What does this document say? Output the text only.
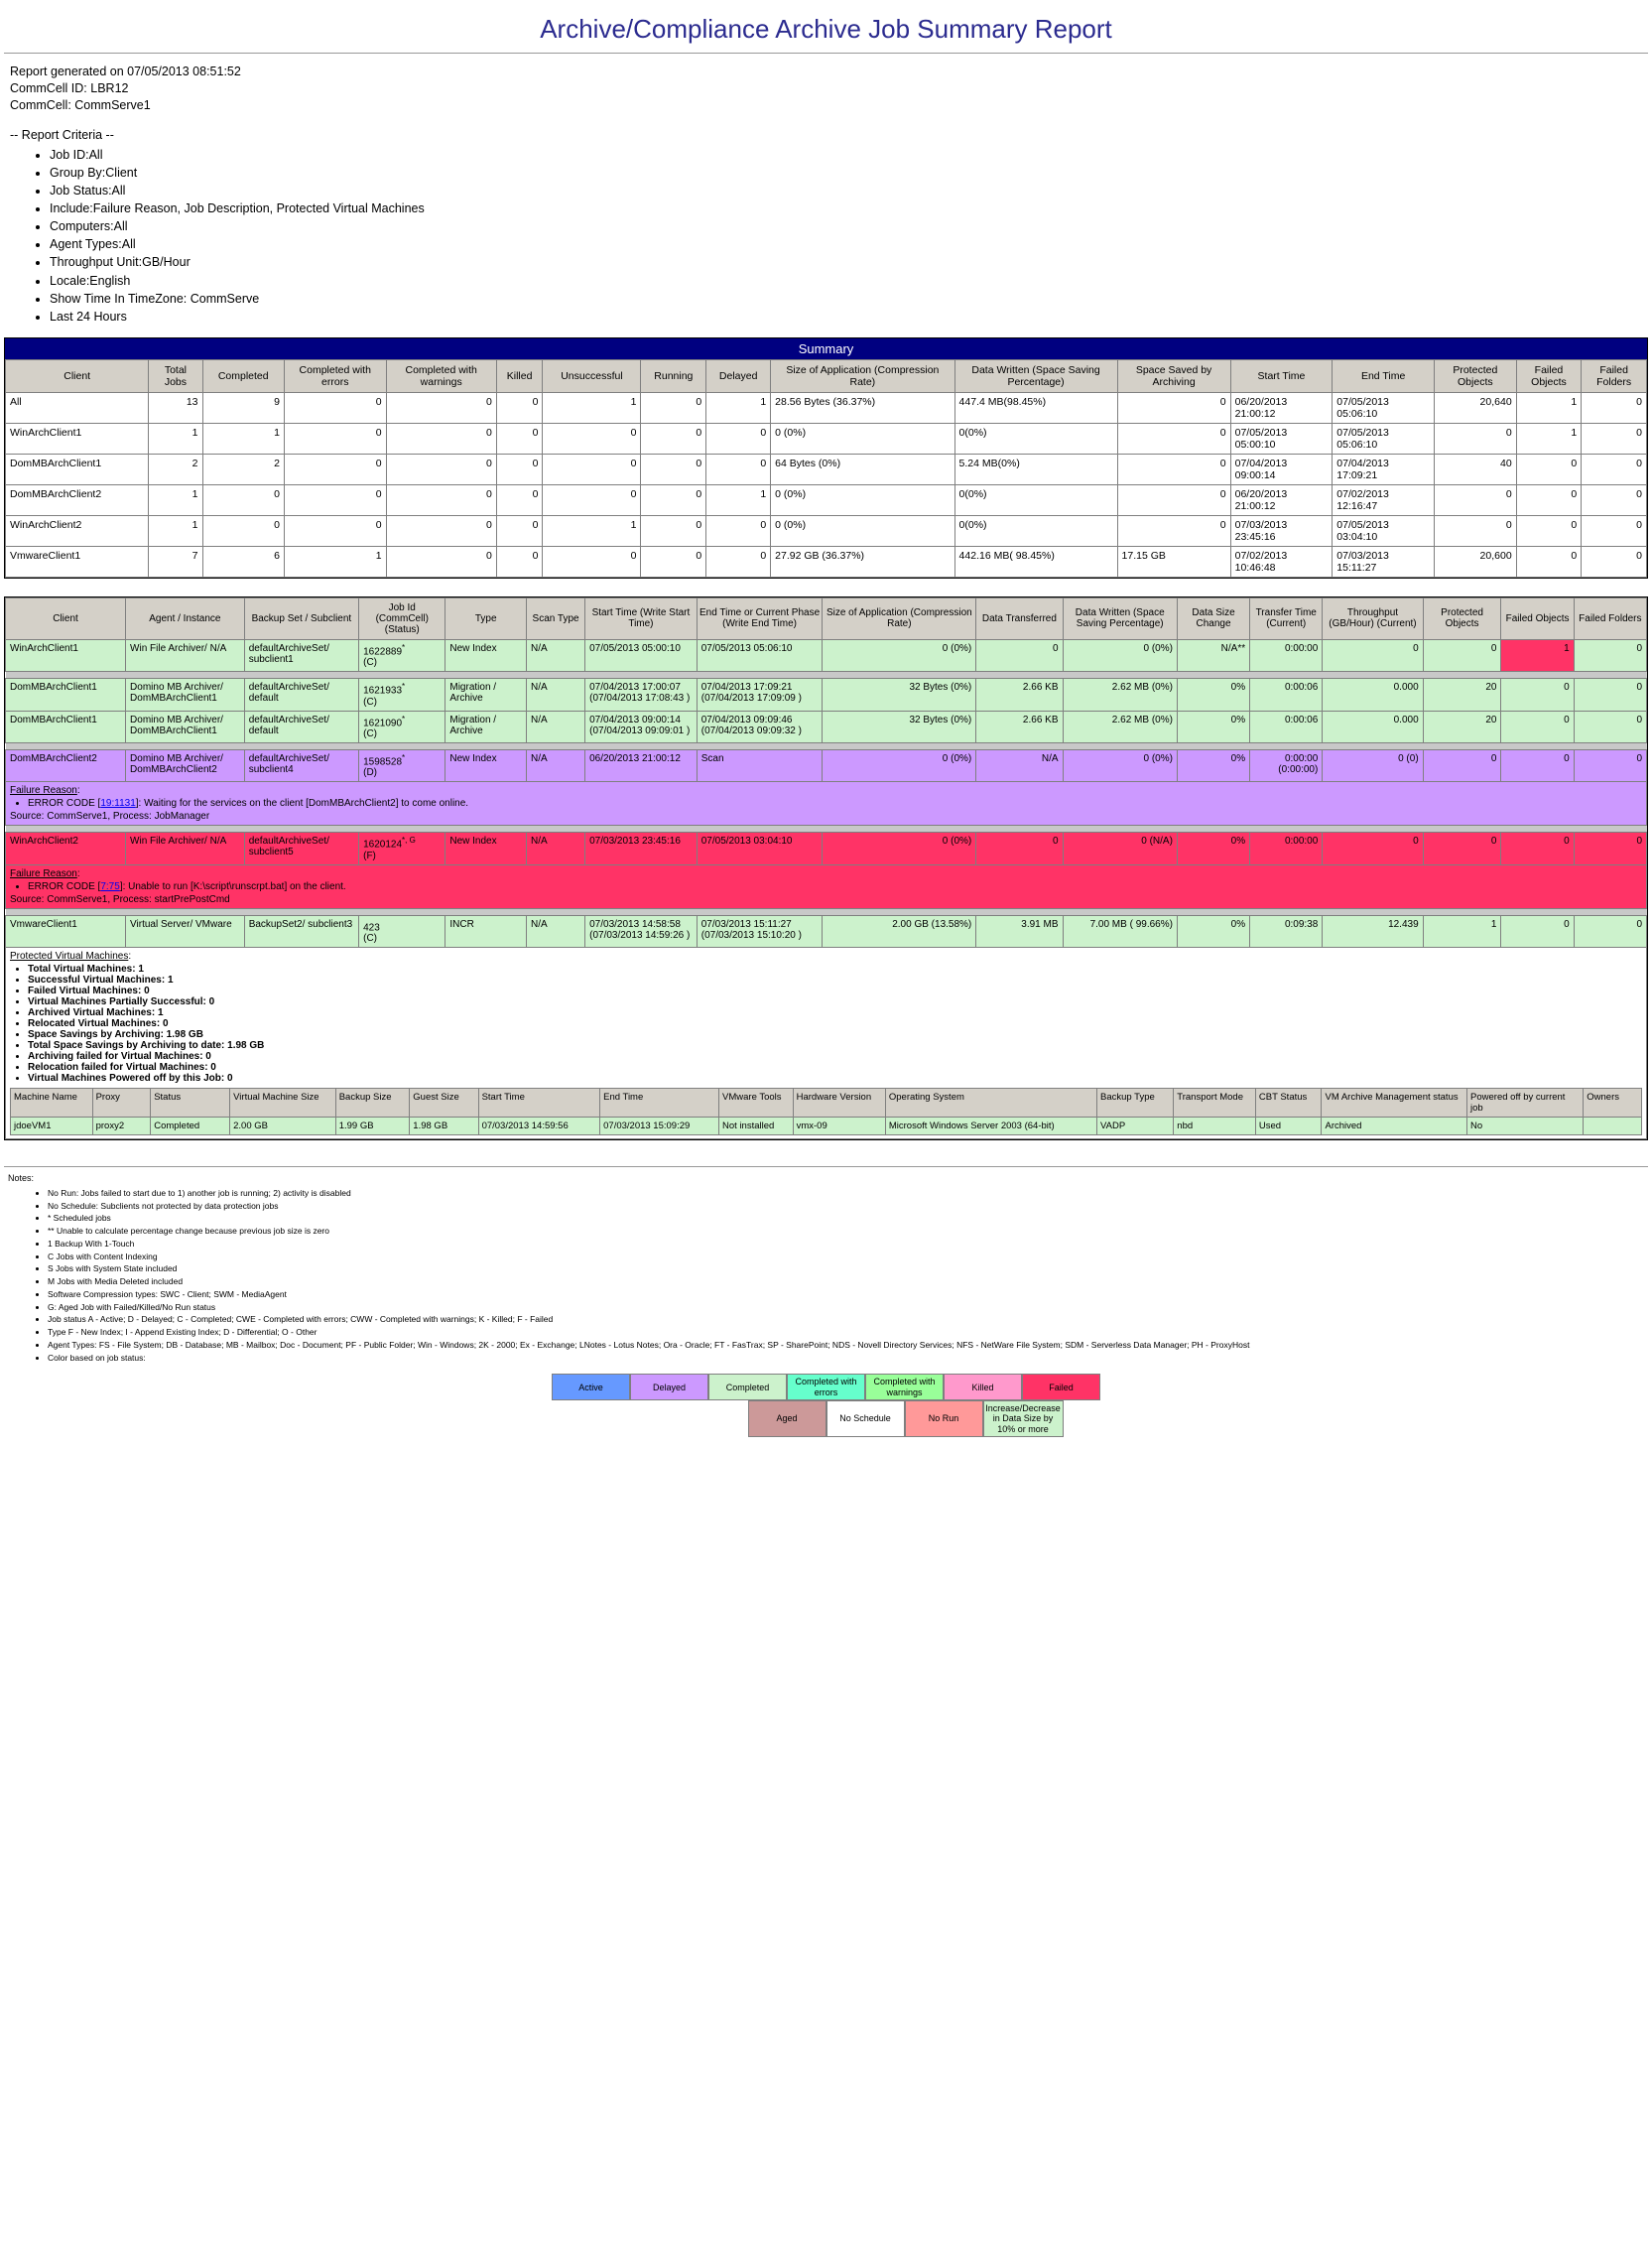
Archive/Compliance Archive Job Summary Report
Report generated on 07/05/2013 08:51:52
CommCell ID: LBR12
CommCell: CommServe1
-- Report Criteria --
• Job ID:All
• Group By:Client
• Job Status:All
• Include:Failure Reason, Job Description, Protected Virtual Machines
• Computers:All
• Agent Types:All
• Throughput Unit:GB/Hour
• Locale:English
• Show Time In TimeZone: CommServe
• Last 24 Hours
Summary
Client	Total Jobs	Completed	Completed with errors	Completed with warnings	Killed	Unsuccessful	Running	Delayed	Size of Application (Compression Rate)	Data Written (Space Saving Percentage)	Space Saved by Archiving	Start Time	End Time	Protected Objects	Failed Objects	Failed Folders
All	13	9	0	0	0	1	0	1	28.56 Bytes (36.37%)	447.4 MB(98.45%)	0	06/20/2013 21:00:12	07/05/2013 05:06:10	20,640	1	0
WinArchClient1	1	1	0	0	0	0	0	0	0 (0%)	0(0%)	0	07/05/2013 05:00:10	07/05/2013 05:06:10	0	1	0
DomMBArchClient1	2	2	0	0	0	0	0	0	64 Bytes (0%)	5.24 MB(0%)	0	07/04/2013 09:00:14	07/04/2013 17:09:21	40	0	0
DomMBArchClient2	1	0	0	0	0	0	0	1	0 (0%)	0(0%)	0	06/20/2013 21:00:12	07/02/2013 12:16:47	0	0	0
WinArchClient2	1	0	0	0	0	1	0	0	0 (0%)	0(0%)	0	07/03/2013 23:45:16	07/05/2013 03:04:10	0	0	0
VmwareClient1	7	6	1	0	0	0	0	0	27.92 GB (36.37%)	442.16 MB( 98.45%)	17.15 GB	07/02/2013 10:46:48	07/03/2013 15:11:27	20,600	0	0
Client	Agent / Instance	Backup Set / Subclient	Job Id (CommCell) (Status)	Type	Scan Type	Start Time (Write Start Time)	End Time or Current Phase (Write End Time)	Size of Application (Compression Rate)	Data Transferred	Data Written (Space Saving Percentage)	Data Size Change	Transfer Time (Current)	Throughput (GB/Hour) (Current)	Protected Objects	Failed Objects	Failed Folders
WinArchClient1	Win File Archiver/ N/A	defaultArchiveSet/ subclient1	1622889*
(C)	New Index	N/A	07/05/2013 05:00:10	07/05/2013 05:06:10	0 (0%)	0	0 (0%)	N/A**	0:00:00	0	0	1	0

DomMBArchClient1	Domino MB Archiver/ DomMBArchClient1	defaultArchiveSet/ default	1621933*
(C)	Migration / Archive	N/A	07/04/2013 17:00:07 (07/04/2013 17:08:43 )	07/04/2013 17:09:21 (07/04/2013 17:09:09 )	32 Bytes (0%)	2.66 KB	2.62 MB (0%)	0%	0:00:06	0.000	20	0	0
DomMBArchClient1	Domino MB Archiver/ DomMBArchClient1	defaultArchiveSet/ default	1621090*
(C)	Migration / Archive	N/A	07/04/2013 09:00:14 (07/04/2013 09:09:01 )	07/04/2013 09:09:46 (07/04/2013 09:09:32 )	32 Bytes (0%)	2.66 KB	2.62 MB (0%)	0%	0:00:06	0.000	20	0	0

DomMBArchClient2	Domino MB Archiver/ DomMBArchClient2	defaultArchiveSet/ subclient4	1598528*
(D)	New Index	N/A	06/20/2013 21:00:12	Scan	0 (0%)	N/A	0 (0%)	0%	0:00:00 (0:00:00)	0 (0)	0	0	0
Failure Reason:
• ERROR CODE [19:1131]: Waiting for the services on the client [DomMBArchClient2] to come online.
Source: CommServe1, Process: JobManager

WinArchClient2	Win File Archiver/ N/A	defaultArchiveSet/ subclient5	$1620124^{*, G}$
(F)	New Index	N/A	07/03/2013 23:45:16	07/05/2013 03:04:10	0 (0%)	0	0 (N/A)	0%	0:00:00	0	0	0	0
Failure Reason:
• ERROR CODE [7:75]: Unable to run [K:\script\runscrpt.bat] on the client.
Source: CommServe1, Process: startPrePostCmd

VmwareClient1	Virtual Server/ VMware	BackupSet2/ subclient3	423
(C)	INCR	N/A	07/03/2013 14:58:58 (07/03/2013 14:59:26 )	07/03/2013 15:11:27 (07/03/2013 15:10:20 )	2.00 GB (13.58%)	3.91 MB	7.00 MB ( 99.66%)	0%	0:09:38	12.439	1	0	0
Protected Virtual Machines:
• Total Virtual Machines: 1
• Successful Virtual Machines: 1
• Failed Virtual Machines: 0
• Virtual Machines Partially Successful: 0
• Archived Virtual Machines: 1
• Relocated Virtual Machines: 0
• Space Savings by Archiving: 1.98 GB
• Total Space Savings by Archiving to date: 1.98 GB
• Archiving failed for Virtual Machines: 0
• Relocation failed for Virtual Machines: 0
• Virtual Machines Powered off by this Job: 0
Machine Name	Proxy	Status	Virtual Machine Size	Backup Size	Guest Size	Start Time	End Time	VMware Tools	Hardware Version	Operating System	Backup Type	Transport Mode	CBT Status	VM Archive Management status	Powered off by current job	Owners
jdoeVM1	proxy2	Completed	2.00 GB	1.99 GB	1.98 GB	07/03/2013 14:59:56	07/03/2013 15:09:29	Not installed	vmx-09	Microsoft Windows Server 2003 (64-bit)	VADP	nbd	Used	Archived	No	
Notes:
• No Run: Jobs failed to start due to 1) another job is running; 2) activity is disabled
• No Schedule: Subclients not protected by data protection jobs
• * Scheduled jobs
• ** Unable to calculate percentage change because previous job size is zero
• 1 Backup With 1-Touch
• C Jobs with Content Indexing
• S Jobs with System State included
• M Jobs with Media Deleted included
• Software Compression types: SWC - Client; SWM - MediaAgent
• G: Aged Job with Failed/Killed/No Run status
• Job status A - Active; D - Delayed; C - Completed; CWE - Completed with errors; CWW - Completed with warnings; K - Killed; F - Failed
• Type F - New Index; I - Append Existing Index; D - Differential; O - Other
• Agent Types: FS - File System; DB - Database; MB - Mailbox; Doc - Document; PF - Public Folder; Win - Windows; 2K - 2000; Ex - Exchange; LNotes - Lotus Notes; Ora - Oracle; FT - FasTrax; SP - SharePoint; NDS - Novell Directory Services; NFS - NetWare File System; SDM - Serverless Data Manager; PH - ProxyHost
• Color based on job status:
Active	Delayed	Completed
Completed with errors
Completed with warnings
Killed	Failed
Aged	No Schedule	No Run
Increase/Decrease in Data Size by 10% or more
